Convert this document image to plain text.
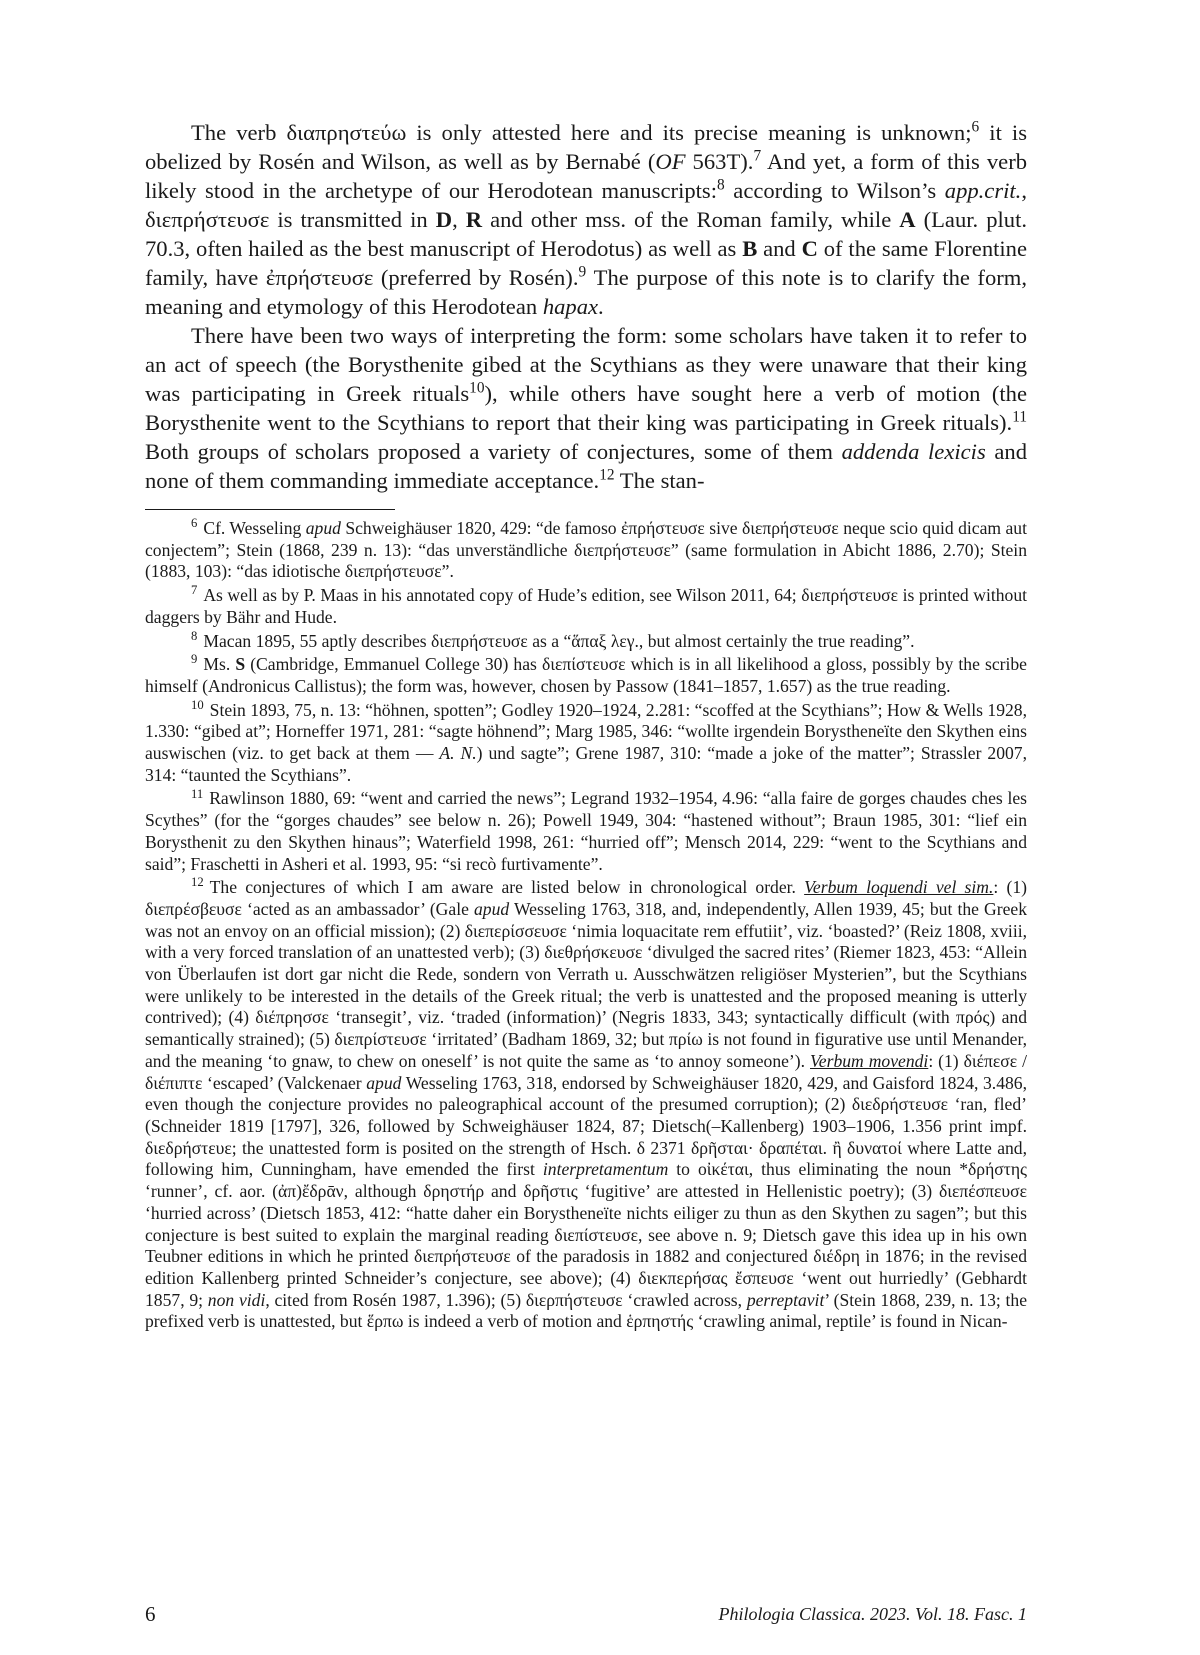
The verb διαπρηστεύω is only attested here and its precise meaning is unknown;$^6$ it is obelized by Rosén and Wilson, as well as by Bernabé (OF 563T).$^7$ And yet, a form of this verb likely stood in the archetype of our Herodotean manuscripts:$^8$ according to Wilson’s app.crit., διεπρήστευσε is transmitted in D, R and other mss. of the Roman family, while A (Laur. plut. 70.3, often hailed as the best manuscript of Herodotus) as well as B and C of the same Florentine family, have ἐπρήστευσε (preferred by Rosén).$^9$ The purpose of this note is to clarify the form, meaning and etymology of this Herodotean hapax.

There have been two ways of interpreting the form: some scholars have taken it to refer to an act of speech (the Borysthenite gibed at the Scythians as they were unaware that their king was participating in Greek rituals$^{10}$), while others have sought here a verb of motion (the Borysthenite went to the Scythians to report that their king was participating in Greek rituals).$^{11}$ Both groups of scholars proposed a variety of conjectures, some of them addenda lexicis and none of them commanding immediate acceptance.$^{12}$ The stan-

$^6$ Cf. Wesseling apud Schweighäuser 1820, 429: “de famoso ἐπρήστευσε sive διεπρήστευσε neque scio quid dicam aut conjectem”; Stein (1868, 239 n. 13): “das unverständliche διεπρήστευσε” (same formulation in Abicht 1886, 2.70); Stein (1883, 103): “das idiotische διεπρήστευσε”.

$^7$ As well as by P. Maas in his annotated copy of Hude’s edition, see Wilson 2011, 64; διεπρήστευσε is printed without daggers by Bähr and Hude.

$^8$ Macan 1895, 55 aptly describes διεπρήστευσε as a “ἅπαξ λεγ., but almost certainly the true reading”.

$^9$ Ms. S (Cambridge, Emmanuel College 30) has διεπίστευσε which is in all likelihood a gloss, possibly by the scribe himself (Andronicus Callistus); the form was, however, chosen by Passow (1841–1857, 1.657) as the true reading.

$^{10}$ Stein 1893, 75, n. 13: “höhnen, spotten”; Godley 1920–1924, 2.281: “scoffed at the Scythians”; How & Wells 1928, 1.330: “gibed at”; Horneffer 1971, 281: “sagte höhnend”; Marg 1985, 346: “wollte irgendein Borystheneïte den Skythen eins auswischen (viz. to get back at them — A. N.) und sagte”; Grene 1987, 310: “made a joke of the matter”; Strassler 2007, 314: “taunted the Scythians”.

$^{11}$ Rawlinson 1880, 69: “went and carried the news”; Legrand 1932–1954, 4.96: “alla faire de gorges chaudes ches les Scythes” (for the “gorges chaudes” see below n. 26); Powell 1949, 304: “hastened without”; Braun 1985, 301: “lief ein Borysthenit zu den Skythen hinaus”; Waterfield 1998, 261: “hurried off”; Mensch 2014, 229: “went to the Scythians and said”; Fraschetti in Asheri et al. 1993, 95: “si recò furtivamente”.

$^{12}$ The conjectures of which I am aware are listed below in chronological order. Verbum loquendi vel sim.: (1) διεπρέσβευσε ‘acted as an ambassador’ (Gale apud Wesseling 1763, 318, and, independently, Allen 1939, 45; but the Greek was not an envoy on an official mission); (2) διεπερίσσευσε ‘nimia loquacitate rem effutiit’, viz. ‘boasted?’ (Reiz 1808, xviii, with a very forced translation of an unattested verb); (3) διεθρήσκευσε ‘divulged the sacred rites’ (Riemer 1823, 453: “Allein von Überlaufen ist dort gar nicht die Rede, sondern von Verrath u. Ausschwätzen religiöser Mysterien”, but the Scythians were unlikely to be interested in the details of the Greek ritual; the verb is unattested and the proposed meaning is utterly contrived); (4) διέπρησσε ‘transegit’, viz. ‘traded (information)’ (Negris 1833, 343; syntactically difficult (with πρός) and semantically strained); (5) διεπρίστευσε ‘irritated’ (Badham 1869, 32; but πρίω is not found in figurative use until Menander, and the meaning ‘to gnaw, to chew on oneself’ is not quite the same as ‘to annoy someone’). Verbum movendi: (1) διέπεσε / διέπιπτε ‘escaped’ (Valckenaer apud Wesseling 1763, 318, endorsed by Schweighäuser 1820, 429, and Gaisford 1824, 3.486, even though the conjecture provides no paleographical account of the presumed corruption); (2) διεδρήστευσε ‘ran, fled’ (Schneider 1819 [1797], 326, followed by Schweighäuser 1824, 87; Dietsch(–Kallenberg) 1903–1906, 1.356 print impf. διεδρήστευε; the unattested form is posited on the strength of Hsch. δ 2371 δρῆσται· δραπέται. ἢ δυνατοί where Latte and, following him, Cunningham, have emended the first interpretamentum to οἰκέται, thus eliminating the noun *δρήστης ‘runner’, cf. aor. (ἀπ)ἔδρᾱν, although δρηστήρ and δρῆστις ‘fugitive’ are attested in Hellenistic poetry); (3) διεπέσπευσε ‘hurried across’ (Dietsch 1853, 412: “hatte daher ein Borystheneïte nichts eiliger zu thun as den Skythen zu sagen”; but this conjecture is best suited to explain the marginal reading διεπίστευσε, see above n. 9; Dietsch gave this idea up in his own Teubner editions in which he printed διεπρήστευσε of the paradosis in 1882 and conjectured διέδρη in 1876; in the revised edition Kallenberg printed Schneider’s conjecture, see above); (4) διεκπερήσας ἔσπευσε ‘went out hurriedly’ (Gebhardt 1857, 9; non vidi, cited from Rosén 1987, 1.396); (5) διερπήστευσε ‘crawled across, perreptavit’ (Stein 1868, 239, n. 13; the prefixed verb is unattested, but ἕρπω is indeed a verb of motion and ἑρπηστής ‘crawling animal, reptile’ is found in Nican-

6	Philologia Classica. 2023. Vol. 18. Fasc. 1
